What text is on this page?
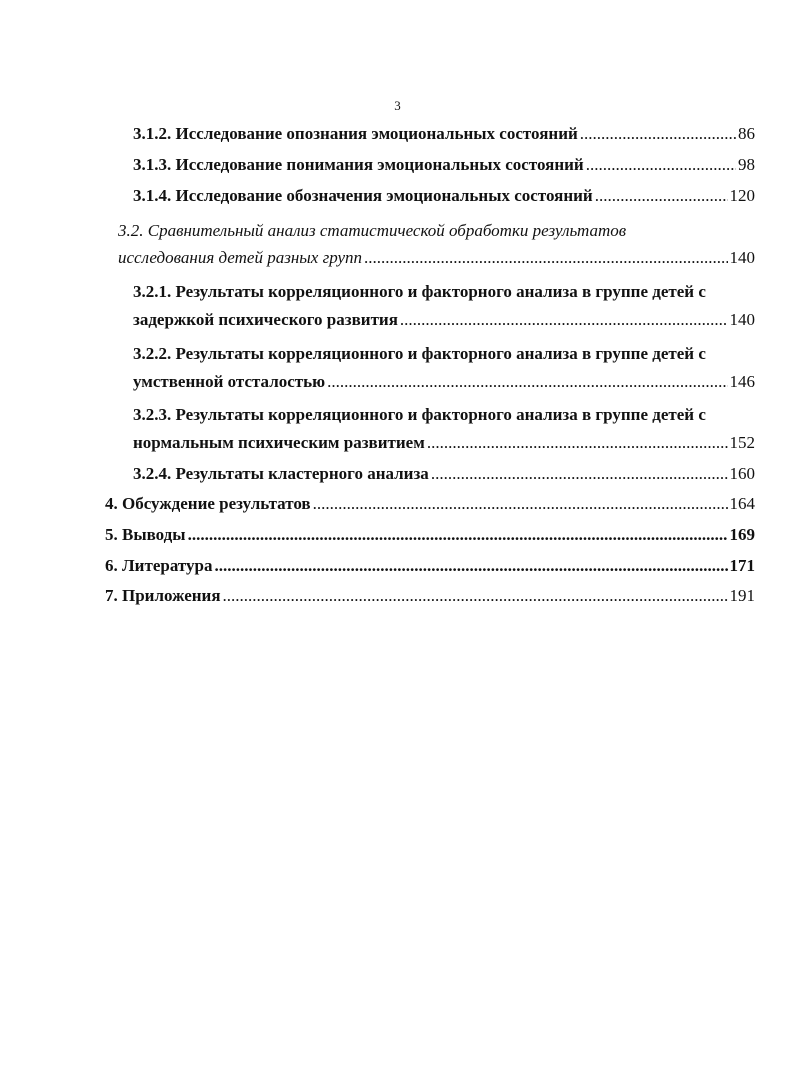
3
3.1.2. Исследование опознания эмоциональных состояний .....	86
3.1.3. Исследование понимания эмоциональных состояний .....	98
3.1.4. Исследование обозначения эмоциональных состояний .....	120
3.2. Сравнительный анализ статистической обработки результатов
исследования детей разных групп .....	140
3.2.1. Результаты корреляционного и факторного анализа в группе детей с
задержкой психического развития .....	140
3.2.2. Результаты корреляционного и факторного анализа в группе детей с
умственной отсталостью .....	146
3.2.3. Результаты корреляционного и факторного анализа в группе детей с
нормальным психическим развитием .....	152
3.2.4. Результаты кластерного анализа .....	160
4. Обсуждение результатов .....	164
5. Выводы .....	169
6. Литература .....	171
7. Приложения .....	191
